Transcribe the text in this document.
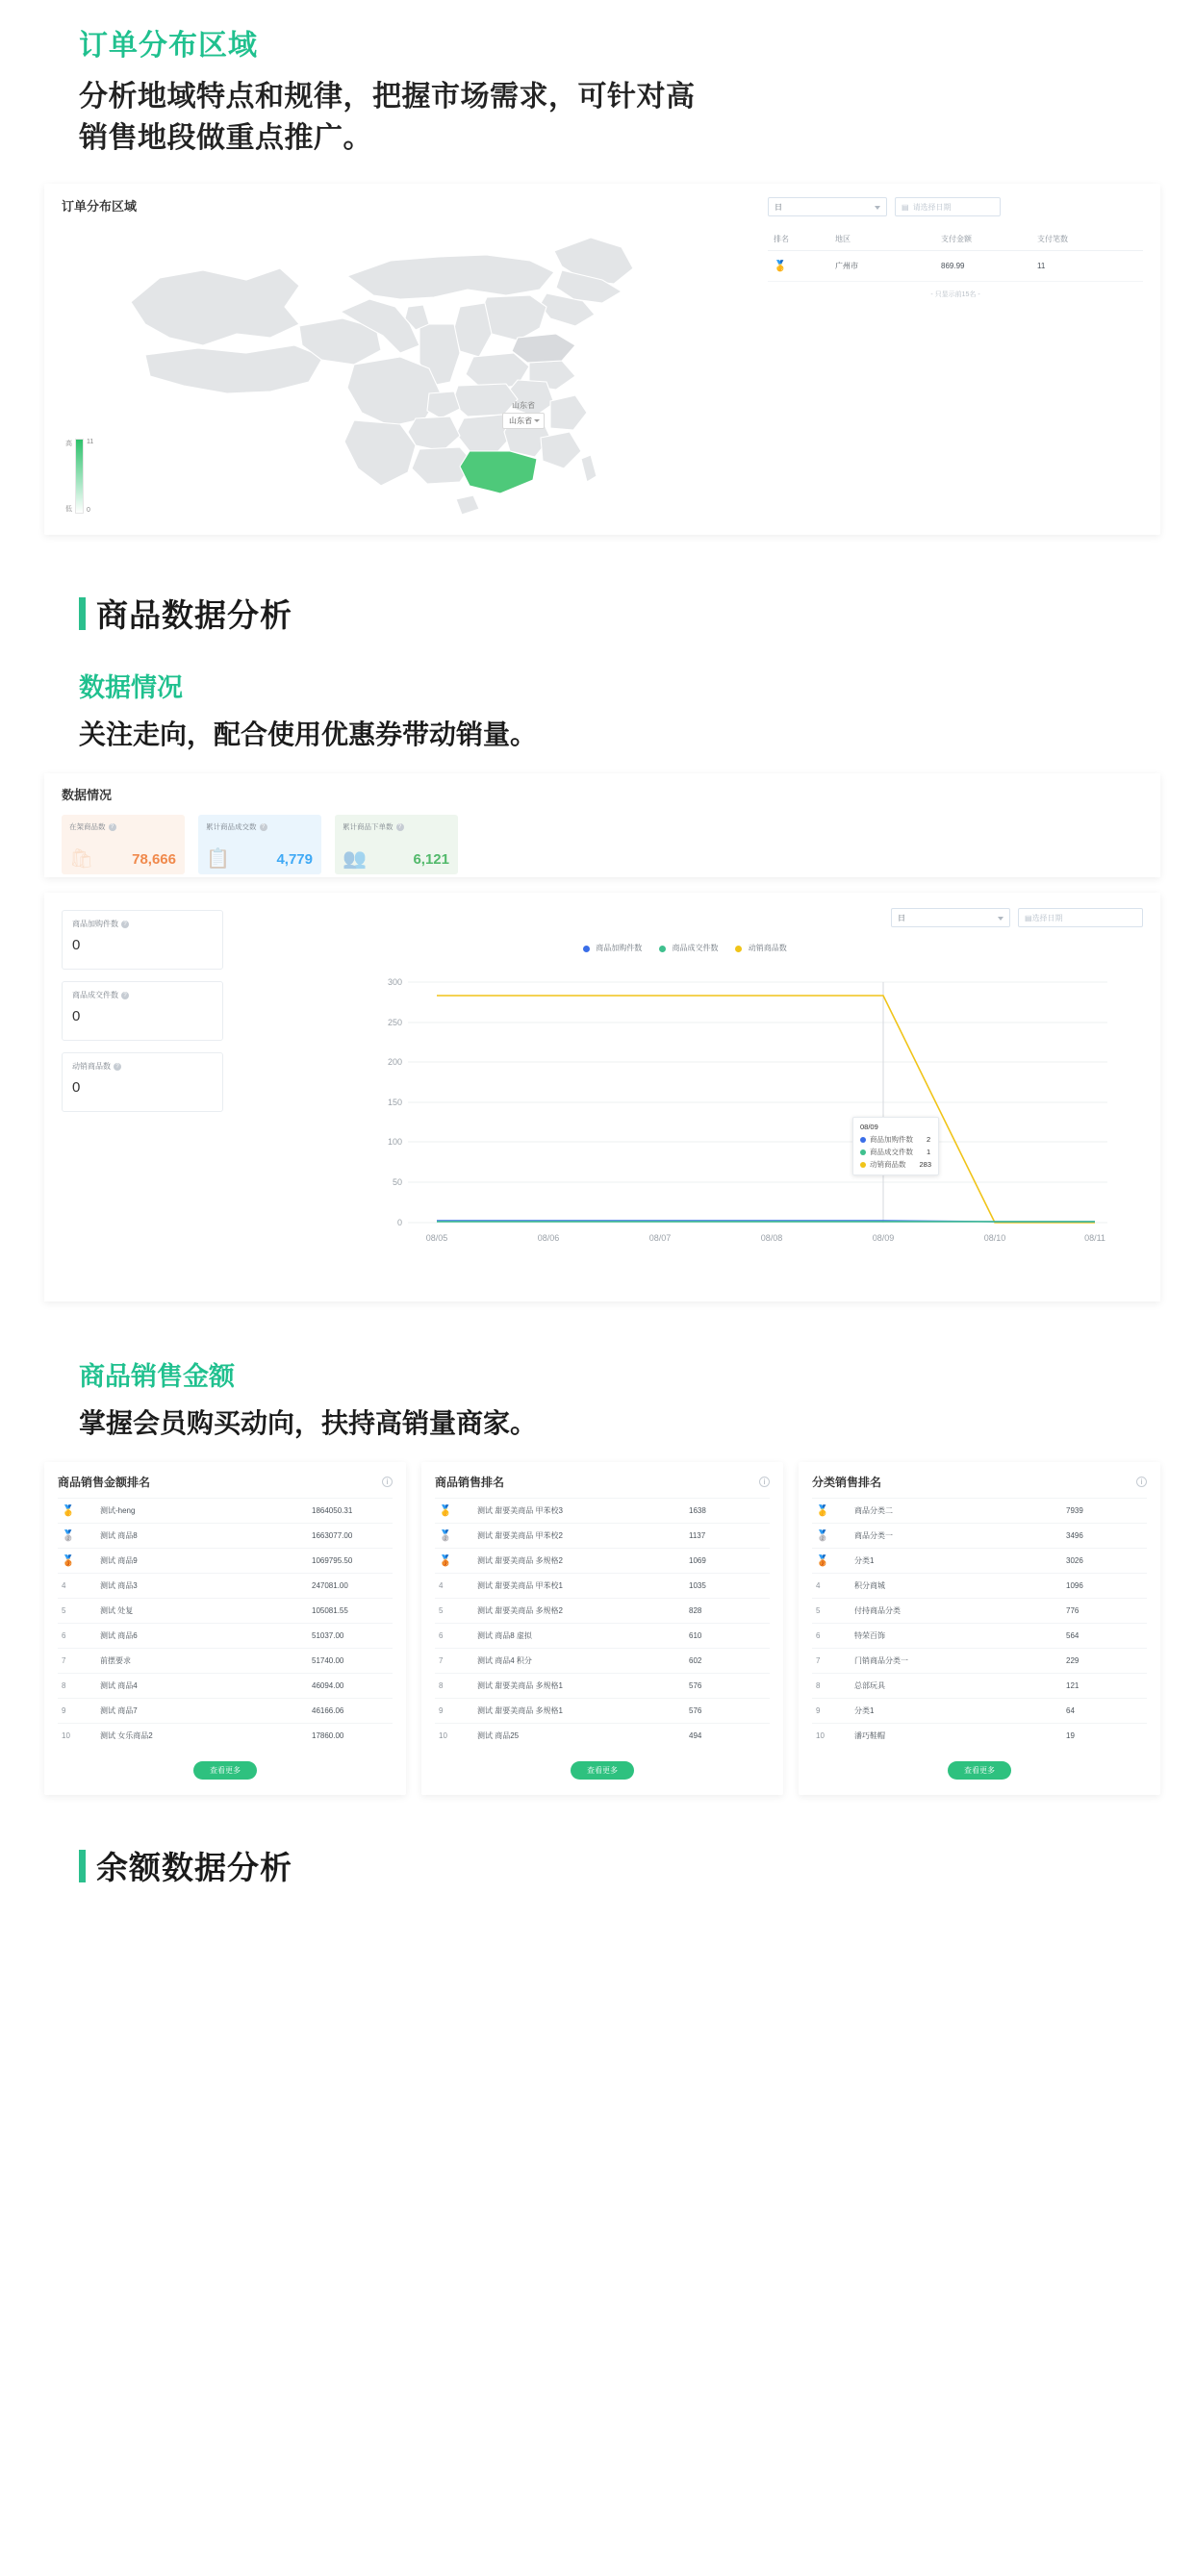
订单分布区域
分析地域特点和规律，把握市场需求，可针对高销售地段做重点推广。
订单分布区域
山东省
山东省
高
低
11
0
日	▤ 请选择日期
排名	地区	支付金额	支付笔数
🥇	广州市	869.99	11
- 只显示前15名 -
商品数据分析
数据情况
关注走向，配合使用优惠券带动销量。
数据情况
在架商品数 ?
🛍	78,666
累计商品成交数 ?
📋	4,779
累计商品下单数 ?
👥	6,121
商品加购件数 ?
0
商品成交件数 ?
0
动销商品数 ?
0
日	▤ 选择日期
商品加购件数	商品成交件数	动销商品数
0
50
100
150
200
250
300
08/05	08/06	08/07	08/08	08/09	08/10	08/11
08/09
商品加购件数 2
商品成交件数 1
动销商品数 283
商品销售金额
掌握会员购买动向，扶持高销量商家。
商品销售金额排名	i
🥇	测试-heng	1864050.31
🥈	测试 商品8	1663077.00
🥉	测试 商品9	1069795.50
4	测试 商品3	247081.00
5	测试 处复	105081.55
6	测试 商品6	51037.00
7	前摆要求	51740.00
8	测试 商品4	46094.00
9	测试 商品7	46166.06
10	测试 女乐商品2	17860.00
查看更多
商品销售排名	i
🥇	测试 甜要美商品 甲苯校3	1638
🥈	测试 甜要美商品 甲苯校2	1137
🥉	测试 甜要美商品 多规格2	1069
4	测试 甜要美商品 甲苯校1	1035
5	测试 甜要美商品 多规格2	828
6	测试 商品8 虚拟	610
7	测试 商品4 积分	602
8	测试 甜要美商品 多规格1	576
9	测试 甜要美商品 多规格1	576
10	测试 商品25	494
查看更多
分类销售排名	i
🥇	商品分类二	7939
🥈	商品分类一	3496
🥉	分类1	3026
4	积分商城	1096
5	付持商品分类	776
6	特荣百饰	564
7	门销商品分类一	229
8	总部玩具	121
9	分类1	64
10	潘巧鞋帽	19
查看更多
余额数据分析
